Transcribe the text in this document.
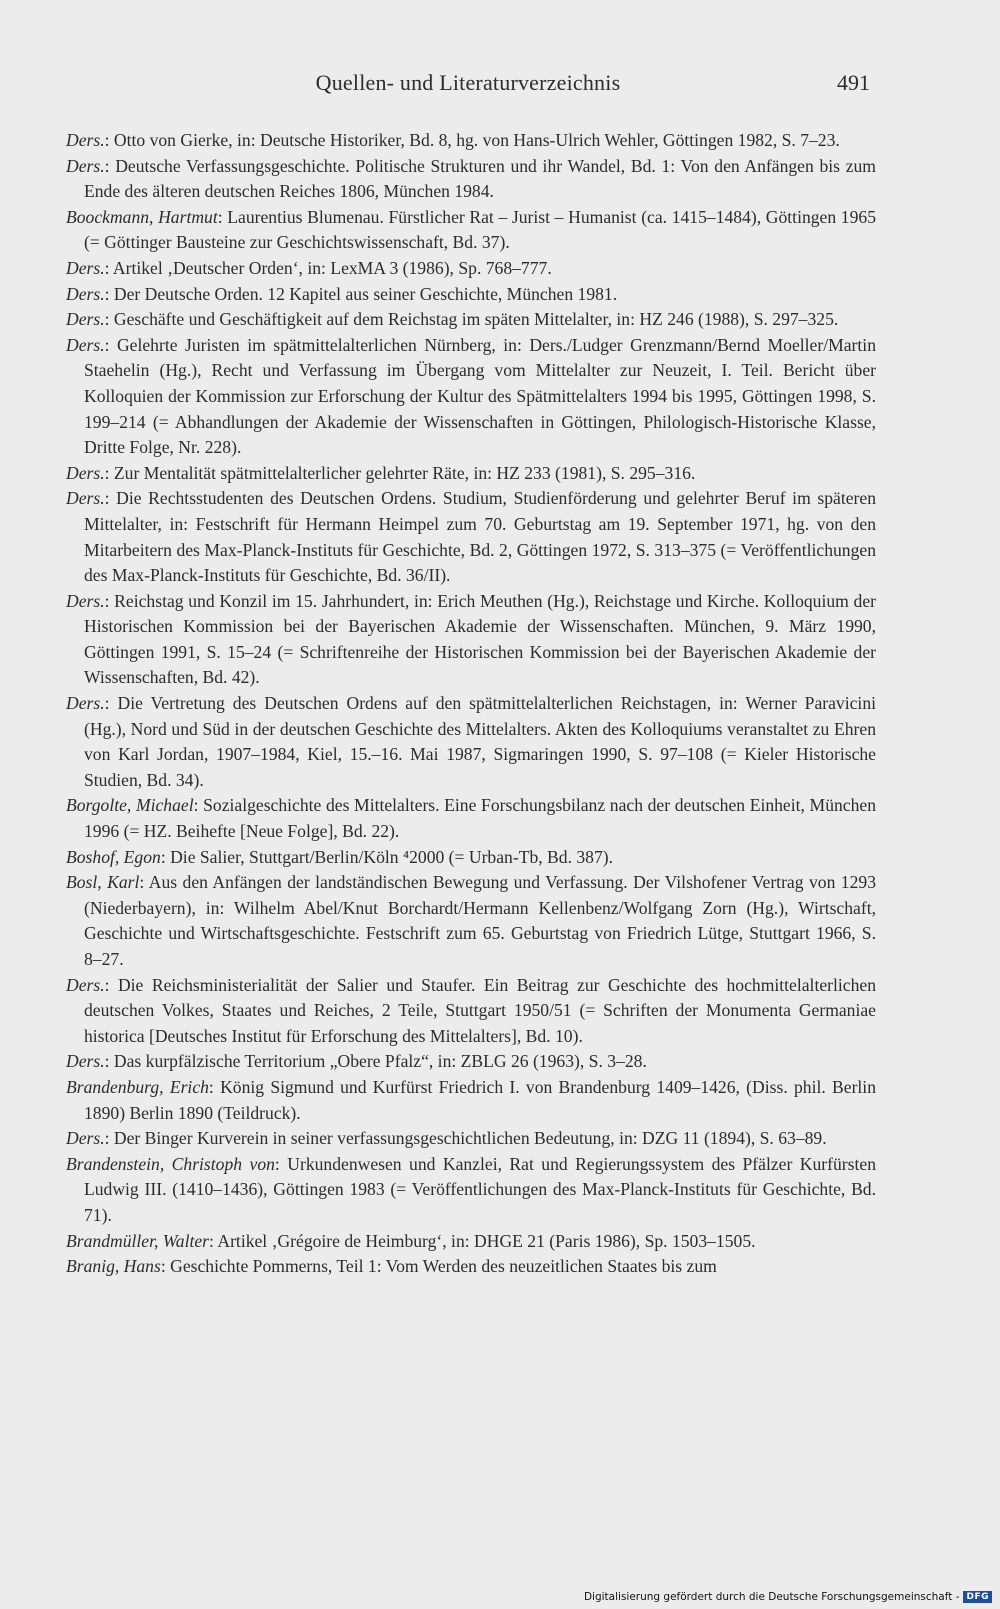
Quellen- und Literaturverzeichnis	491

Ders.: Otto von Gierke, in: Deutsche Historiker, Bd. 8, hg. von Hans-Ulrich Wehler, Göttingen 1982, S. 7–23.

Ders.: Deutsche Verfassungsgeschichte. Politische Strukturen und ihr Wandel, Bd. 1: Von den Anfängen bis zum Ende des älteren deutschen Reiches 1806, München 1984.

Boockmann, Hartmut: Laurentius Blumenau. Fürstlicher Rat – Jurist – Humanist (ca. 1415–1484), Göttingen 1965 (= Göttinger Bausteine zur Geschichtswissenschaft, Bd. 37).

Ders.: Artikel ‚Deutscher Orden‘, in: LexMA 3 (1986), Sp. 768–777.

Ders.: Der Deutsche Orden. 12 Kapitel aus seiner Geschichte, München 1981.

Ders.: Geschäfte und Geschäftigkeit auf dem Reichstag im späten Mittelalter, in: HZ 246 (1988), S. 297–325.

Ders.: Gelehrte Juristen im spätmittelalterlichen Nürnberg, in: Ders./Ludger Grenzmann/Bernd Moeller/Martin Staehelin (Hg.), Recht und Verfassung im Übergang vom Mittelalter zur Neuzeit, I. Teil. Bericht über Kolloquien der Kommission zur Erforschung der Kultur des Spätmittelalters 1994 bis 1995, Göttingen 1998, S. 199–214 (= Abhandlungen der Akademie der Wissenschaften in Göttingen, Philologisch-Historische Klasse, Dritte Folge, Nr. 228).

Ders.: Zur Mentalität spätmittelalterlicher gelehrter Räte, in: HZ 233 (1981), S. 295–316.

Ders.: Die Rechtsstudenten des Deutschen Ordens. Studium, Studienförderung und gelehrter Beruf im späteren Mittelalter, in: Festschrift für Hermann Heimpel zum 70. Geburtstag am 19. September 1971, hg. von den Mitarbeitern des Max-Planck-Instituts für Geschichte, Bd. 2, Göttingen 1972, S. 313–375 (= Veröffentlichungen des Max-Planck-Instituts für Geschichte, Bd. 36/II).

Ders.: Reichstag und Konzil im 15. Jahrhundert, in: Erich Meuthen (Hg.), Reichstage und Kirche. Kolloquium der Historischen Kommission bei der Bayerischen Akademie der Wissenschaften. München, 9. März 1990, Göttingen 1991, S. 15–24 (= Schriftenreihe der Historischen Kommission bei der Bayerischen Akademie der Wissenschaften, Bd. 42).

Ders.: Die Vertretung des Deutschen Ordens auf den spätmittelalterlichen Reichstagen, in: Werner Paravicini (Hg.), Nord und Süd in der deutschen Geschichte des Mittelalters. Akten des Kolloquiums veranstaltet zu Ehren von Karl Jordan, 1907–1984, Kiel, 15.–16. Mai 1987, Sigmaringen 1990, S. 97–108 (= Kieler Historische Studien, Bd. 34).

Borgolte, Michael: Sozialgeschichte des Mittelalters. Eine Forschungsbilanz nach der deutschen Einheit, München 1996 (= HZ. Beihefte [Neue Folge], Bd. 22).

Boshof, Egon: Die Salier, Stuttgart/Berlin/Köln ⁴2000 (= Urban-Tb, Bd. 387).

Bosl, Karl: Aus den Anfängen der landständischen Bewegung und Verfassung. Der Vilshofener Vertrag von 1293 (Niederbayern), in: Wilhelm Abel/Knut Borchardt/Hermann Kellenbenz/Wolfgang Zorn (Hg.), Wirtschaft, Geschichte und Wirtschaftsgeschichte. Festschrift zum 65. Geburtstag von Friedrich Lütge, Stuttgart 1966, S. 8–27.

Ders.: Die Reichsministerialität der Salier und Staufer. Ein Beitrag zur Geschichte des hochmittelalterlichen deutschen Volkes, Staates und Reiches, 2 Teile, Stuttgart 1950/51 (= Schriften der Monumenta Germaniae historica [Deutsches Institut für Erforschung des Mittelalters], Bd. 10).

Ders.: Das kurpfälzische Territorium „Obere Pfalz“, in: ZBLG 26 (1963), S. 3–28.

Brandenburg, Erich: König Sigmund und Kurfürst Friedrich I. von Brandenburg 1409–1426, (Diss. phil. Berlin 1890) Berlin 1890 (Teildruck).

Ders.: Der Binger Kurverein in seiner verfassungsgeschichtlichen Bedeutung, in: DZG 11 (1894), S. 63–89.

Brandenstein, Christoph von: Urkundenwesen und Kanzlei, Rat und Regierungssystem des Pfälzer Kurfürsten Ludwig III. (1410–1436), Göttingen 1983 (= Veröffentlichungen des Max-Planck-Instituts für Geschichte, Bd. 71).

Brandmüller, Walter: Artikel ‚Grégoire de Heimburg‘, in: DHGE 21 (Paris 1986), Sp. 1503–1505.

Branig, Hans: Geschichte Pommerns, Teil 1: Vom Werden des neuzeitlichen Staates bis zum

Digitalisierung gefördert durch die Deutsche Forschungsgemeinschaft - DFG
